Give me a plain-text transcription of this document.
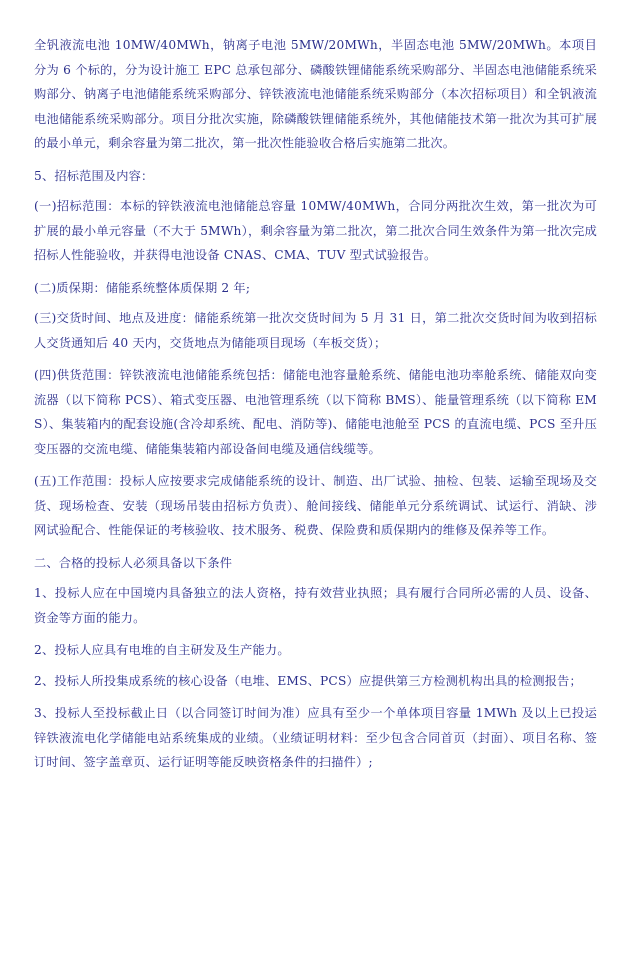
全钒液流电池 10MW/40MWh，钠离子电池 5MW/20MWh，半固态电池 5MW/20MWh。本项目分为 6 个标的，分为设计施工 EPC 总承包部分、磷酸铁锂储能系统采购部分、半固态电池储能系统采购部分、钠离子电池储能系统采购部分、锌铁液流电池储能系统采购部分（本次招标项目）和全钒液流电池储能系统采购部分。项目分批次实施，除磷酸铁锂储能系统外，其他储能技术第一批次为其可扩展的最小单元，剩余容量为第二批次，第一批次性能验收合格后实施第二批次。

5、招标范围及内容：

(一)招标范围：本标的锌铁液流电池储能总容量 10MW/40MWh，合同分两批次生效，第一批次为可扩展的最小单元容量（不大于 5MWh），剩余容量为第二批次，第二批次合同生效条件为第一批次完成招标人性能验收，并获得电池设备 CNAS、CMA、TUV 型式试验报告。

(二)质保期：储能系统整体质保期 2 年;

(三)交货时间、地点及进度：储能系统第一批次交货时间为 5 月 31 日，第二批次交货时间为收到招标人交货通知后 40 天内，交货地点为储能项目现场（车板交货）；

(四)供货范围：锌铁液流电池储能系统包括：储能电池容量舱系统、储能电池功率舱系统、储能双向变流器（以下简称 PCS）、箱式变压器、电池管理系统（以下简称 BMS）、能量管理系统（以下简称 EMS）、集装箱内的配套设施(含冷却系统、配电、消防等)、储能电池舱至 PCS 的直流电缆、PCS 至升压变压器的交流电缆、储能集装箱内部设备间电缆及通信线缆等。

(五)工作范围：投标人应按要求完成储能系统的设计、制造、出厂试验、抽检、包装、运输至现场及交货、现场检查、安装（现场吊装由招标方负责）、舱间接线、储能单元分系统调试、试运行、消缺、涉网试验配合、性能保证的考核验收、技术服务、税费、保险费和质保期内的维修及保养等工作。

二、合格的投标人必须具备以下条件

1、投标人应在中国境内具备独立的法人资格，持有效营业执照；具有履行合同所必需的人员、设备、资金等方面的能力。

2、投标人应具有电堆的自主研发及生产能力。

2、投标人所投集成系统的核心设备（电堆、EMS、PCS）应提供第三方检测机构出具的检测报告；

3、投标人至投标截止日（以合同签订时间为准）应具有至少一个单体项目容量 1MWh 及以上已投运锌铁液流电化学储能电站系统集成的业绩。（业绩证明材料：至少包含合同首页（封面）、项目名称、签订时间、签字盖章页、运行证明等能反映资格条件的扫描件）;
